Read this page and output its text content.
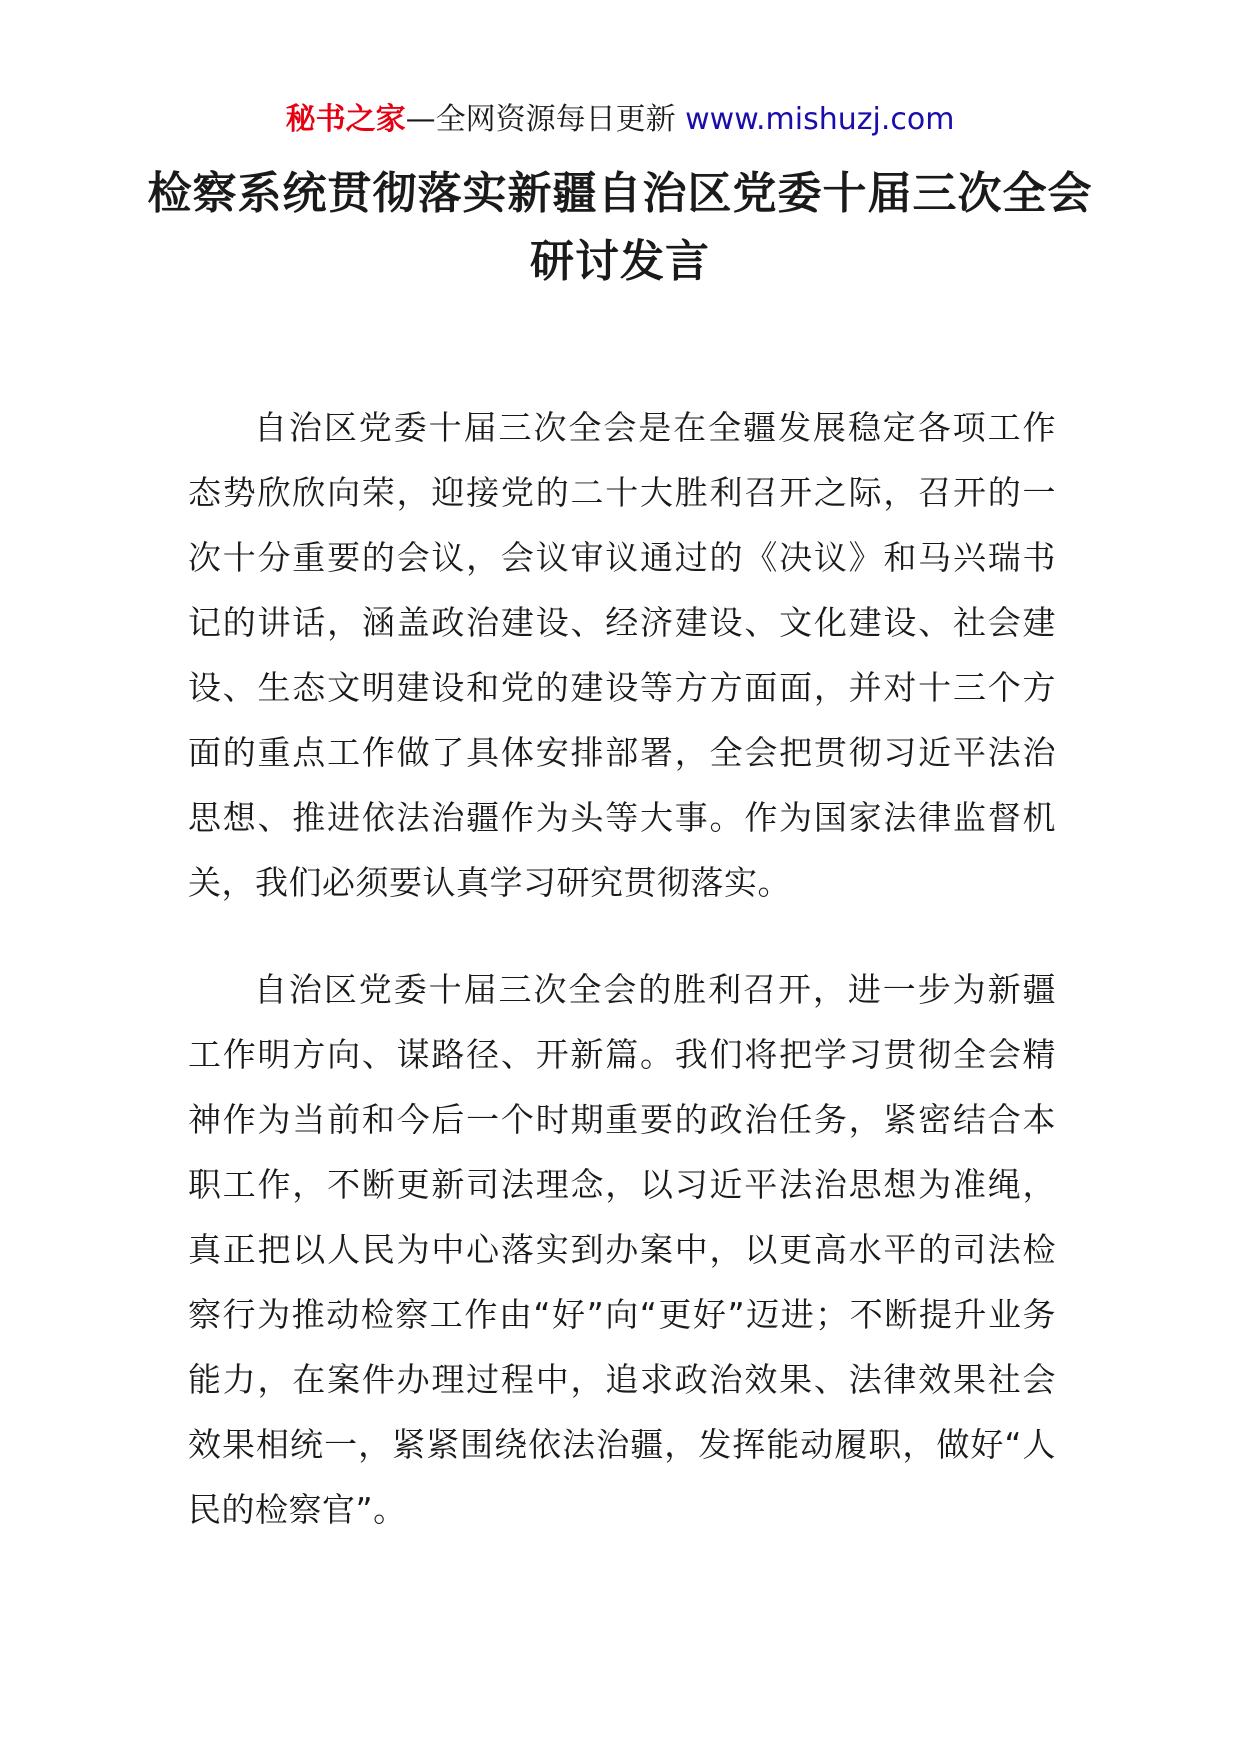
秘书之家—全网资源每日更新 www.mishuzj.com
检察系统贯彻落实新疆自治区党委十届三次全会研讨发言

自治区党委十届三次全会是在全疆发展稳定各项工作态势欣欣向荣，迎接党的二十大胜利召开之际，召开的一次十分重要的会议，会议审议通过的《决议》和马兴瑞书记的讲话，涵盖政治建设、经济建设、文化建设、社会建设、生态文明建设和党的建设等方方面面，并对十三个方面的重点工作做了具体安排部署，全会把贯彻习近平法治思想、推进依法治疆作为头等大事。作为国家法律监督机关，我们必须要认真学习研究贯彻落实。

自治区党委十届三次全会的胜利召开，进一步为新疆工作明方向、谋路径、开新篇。我们将把学习贯彻全会精神作为当前和今后一个时期重要的政治任务，紧密结合本职工作，不断更新司法理念，以习近平法治思想为准绳，真正把以人民为中心落实到办案中，以更高水平的司法检察行为推动检察工作由“好”向“更好”迈进；不断提升业务能力，在案件办理过程中，追求政治效果、法律效果社会效果相统一，紧紧围绕依法治疆，发挥能动履职，做好“人民的检察官”。
